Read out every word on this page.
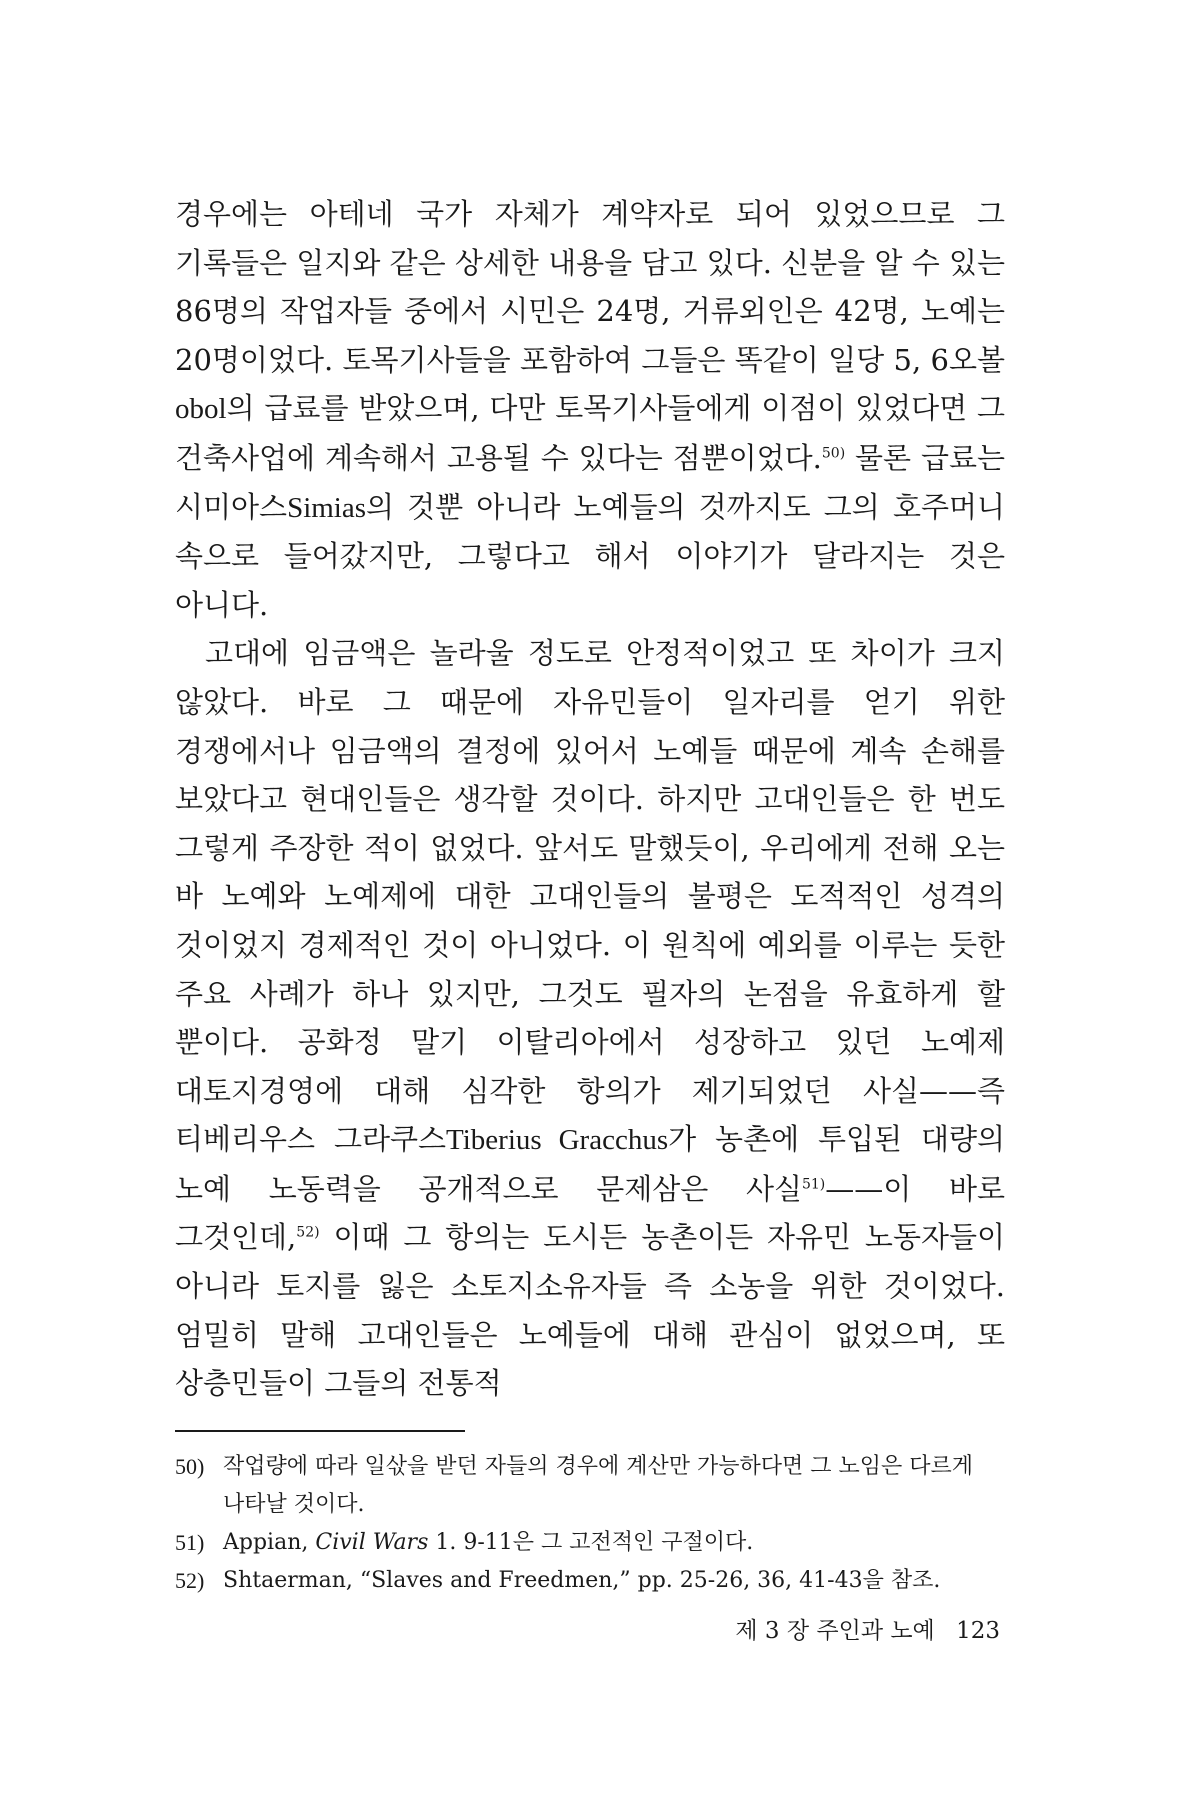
경우에는 아테네 국가 자체가 계약자로 되어 있었으므로 그 기록들은 일지와 같은 상세한 내용을 담고 있다. 신분을 알 수 있는 86명의 작업자들 중에서 시민은 24명, 거류외인은 42명, 노예는 20명이었다. 토목기사들을 포함하여 그들은 똑같이 일당 5, 6오볼 obol의 급료를 받았으며, 다만 토목기사들에게 이점이 있었다면 그 건축사업에 계속해서 고용될 수 있다는 점뿐이었다.$^{50)}$ 물론 급료는 시미아스Simias의 것뿐 아니라 노예들의 것까지도 그의 호주머니 속으로 들어갔지만, 그렇다고 해서 이야기가 달라지는 것은 아니다.

고대에 임금액은 놀라울 정도로 안정적이었고 또 차이가 크지 않았다. 바로 그 때문에 자유민들이 일자리를 얻기 위한 경쟁에서나 임금액의 결정에 있어서 노예들 때문에 계속 손해를 보았다고 현대인들은 생각할 것이다. 하지만 고대인들은 한 번도 그렇게 주장한 적이 없었다. 앞서도 말했듯이, 우리에게 전해 오는 바 노예와 노예제에 대한 고대인들의 불평은 도적적인 성격의 것이었지 경제적인 것이 아니었다. 이 원칙에 예외를 이루는 듯한 주요 사례가 하나 있지만, 그것도 필자의 논점을 유효하게 할 뿐이다. 공화정 말기 이탈리아에서 성장하고 있던 노예제 대토지경영에 대해 심각한 항의가 제기되었던 사실——즉 티베리우스 그라쿠스Tiberius Gracchus가 농촌에 투입된 대량의 노예 노동력을 공개적으로 문제삼은 사실$^{51)}$——이 바로 그것인데,$^{52)}$ 이때 그 항의는 도시든 농촌이든 자유민 노동자들이 아니라 토지를 잃은 소토지소유자들 즉 소농을 위한 것이었다. 엄밀히 말해 고대인들은 노예들에 대해 관심이 없었으며, 또 상층민들이 그들의 전통적

50) 작업량에 따라 일삯을 받던 자들의 경우에 계산만 가능하다면 그 노임은 다르게 나타날 것이다.
51) Appian, Civil Wars 1. 9-11은 그 고전적인 구절이다.
52) Shtaerman, “Slaves and Freedmen,” pp. 25-26, 36, 41-43을 참조.
제 3 장 주인과 노예 123
